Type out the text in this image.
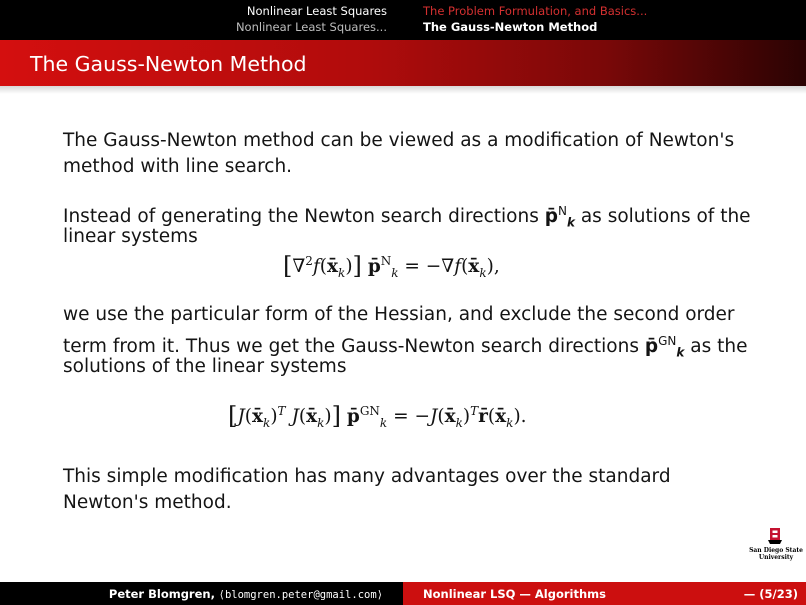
Nonlinear Least Squares
Nonlinear Least Squares...
The Problem Formulation, and Basics...
The Gauss-Newton Method
The Gauss-Newton Method
The Gauss-Newton method can be viewed as a modification of Newton's
method with line search.
Instead of generating the Newton search directions p̄$^N_k$ as solutions of the
linear systems
$[\nabla^2f(x̄_k)]$ p̄$^N_k$ = $-\nabla f(x̄_k)$,
we use the particular form of the Hessian, and exclude the second order
term from it. Thus we get the Gauss-Newton search directions p̄$^{GN}_k$ as the
solutions of the linear systems
[$J(x̄_k)^T$ $J(x̄_k)$] p̄$^{GN}_k$ = $-J(x̄_k)^Tr̄(x̄_k)$.
This simple modification has many advantages over the standard
Newton's method.
San Diego State
University
Peter Blomgren, ⟨blomgren.peter@gmail.com⟩	Nonlinear LSQ — Algorithms	— (5/23)
